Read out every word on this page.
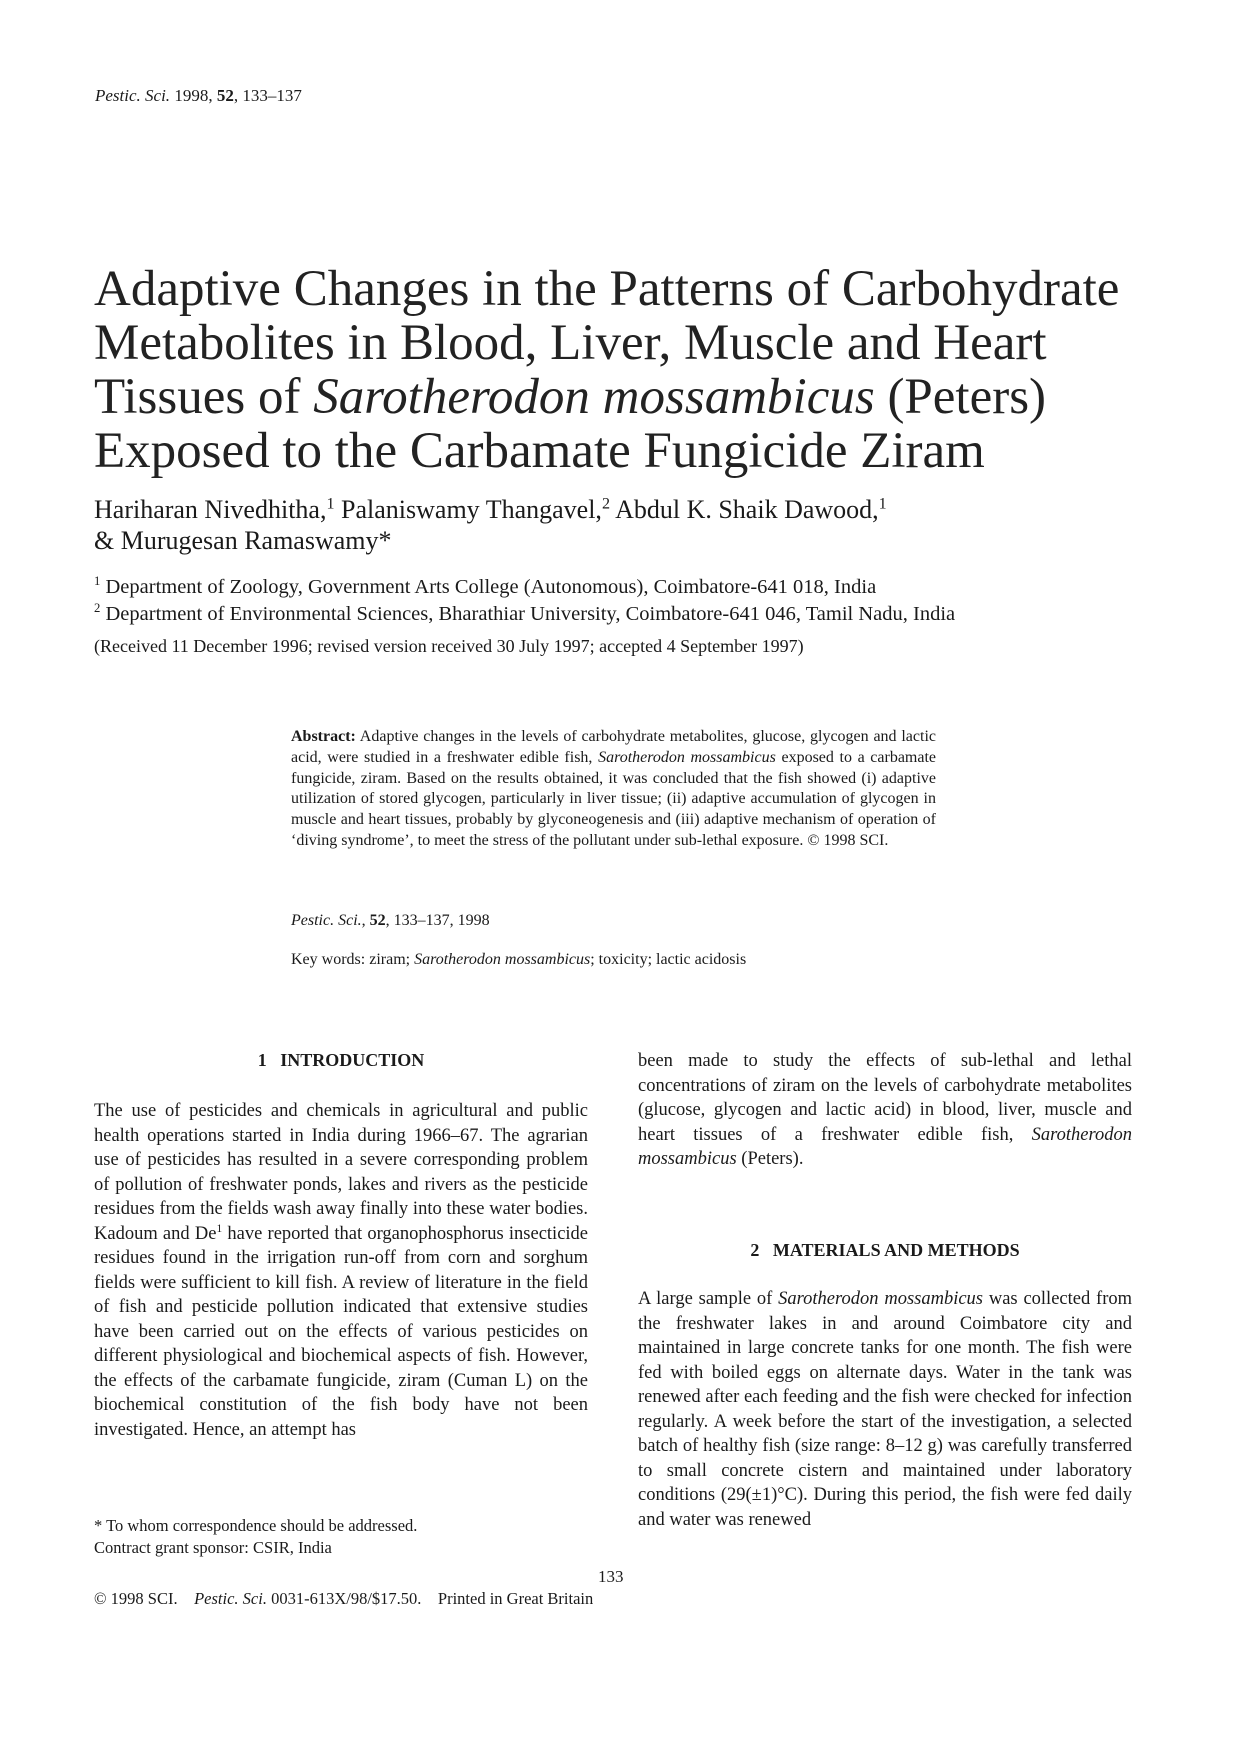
Pestic. Sci. 1998, 52, 133–137
Adaptive Changes in the Patterns of Carbohydrate Metabolites in Blood, Liver, Muscle and Heart Tissues of Sarotherodon mossambicus (Peters) Exposed to the Carbamate Fungicide Ziram

Hariharan Nivedhitha,$^1$ Palaniswamy Thangavel,$^2$ Abdul K. Shaik Dawood,$^1$
& Murugesan Ramaswamy*

$^1$ Department of Zoology, Government Arts College (Autonomous), Coimbatore-641 018, India
$^2$ Department of Environmental Sciences, Bharathiar University, Coimbatore-641 046, Tamil Nadu, India

(Received 11 December 1996; revised version received 30 July 1997; accepted 4 September 1997)

Abstract: Adaptive changes in the levels of carbohydrate metabolites, glucose, glycogen and lactic acid, were studied in a freshwater edible fish, Sarotherodon mossambicus exposed to a carbamate fungicide, ziram. Based on the results obtained, it was concluded that the fish showed (i) adaptive utilization of stored glycogen, particularly in liver tissue; (ii) adaptive accumulation of glycogen in muscle and heart tissues, probably by glyconeogenesis and (iii) adaptive mechanism of operation of ‘diving syndrome’, to meet the stress of the pollutant under sub-lethal exposure. © 1998 SCI.

Pestic. Sci., 52, 133–137, 1998
Key words: ziram; Sarotherodon mossambicus; toxicity; lactic acidosis
1   INTRODUCTION

The use of pesticides and chemicals in agricultural and public health operations started in India during 1966–67. The agrarian use of pesticides has resulted in a severe corresponding problem of pollution of freshwater ponds, lakes and rivers as the pesticide residues from the fields wash away finally into these water bodies. Kadoum and De$^1$ have reported that organophosphorus insecticide residues found in the irrigation run-off from corn and sorghum fields were sufficient to kill fish. A review of literature in the field of fish and pesticide pollution indicated that extensive studies have been carried out on the effects of various pesticides on different physiological and biochemical aspects of fish. However, the effects of the carbamate fungicide, ziram (Cuman L) on the biochemical constitution of the fish body have not been investigated. Hence, an attempt has

been made to study the effects of sub-lethal and lethal concentrations of ziram on the levels of carbohydrate metabolites (glucose, glycogen and lactic acid) in blood, liver, muscle and heart tissues of a freshwater edible fish, Sarotherodon mossambicus (Peters).

2   MATERIALS AND METHODS

A large sample of Sarotherodon mossambicus was collected from the freshwater lakes in and around Coimbatore city and maintained in large concrete tanks for one month. The fish were fed with boiled eggs on alternate days. Water in the tank was renewed after each feeding and the fish were checked for infection regularly. A week before the start of the investigation, a selected batch of healthy fish (size range: 8–12 g) was carefully transferred to small concrete cistern and maintained under laboratory conditions (29(±1)°C). During this period, the fish were fed daily and water was renewed

* To whom correspondence should be addressed.
Contract grant sponsor: CSIR, India

133
© 1998 SCI.    Pestic. Sci. 0031-613X/98/$17.50.    Printed in Great Britain
